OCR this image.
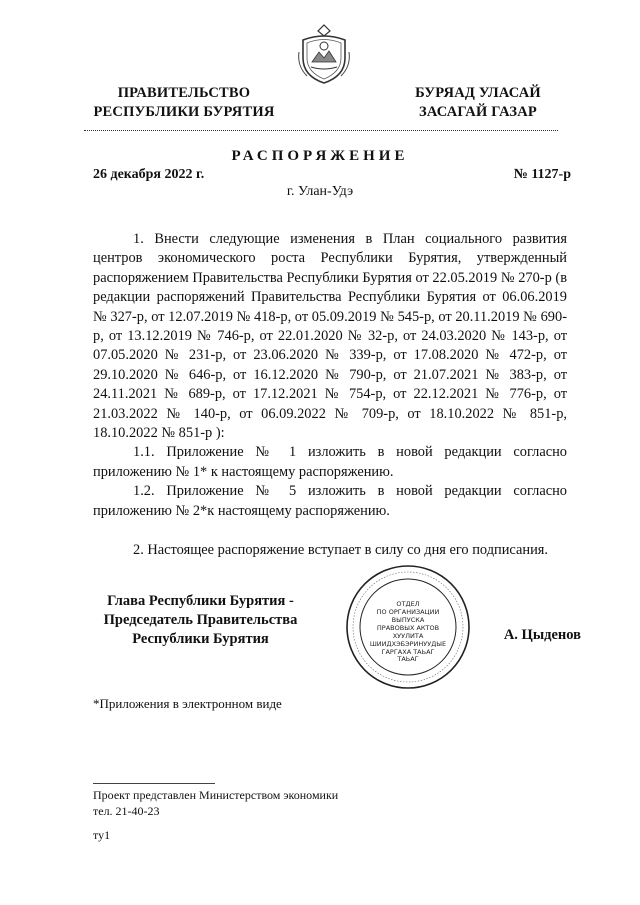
ПРАВИТЕЛЬСТВО
РЕСПУБЛИКИ БУРЯТИЯ
БУРЯАД УЛАСАЙ
ЗАСАГАЙ ГАЗАР
РАСПОРЯЖЕНИЕ
26 декабря 2022 г.	№ 1127-р
г. Улан-Удэ

1. Внести следующие изменения в План социального развития центров экономического роста Республики Бурятия, утвержденный распоряжением Правительства Республики Бурятия от 22.05.2019 № 270-р (в редакции распоряжений Правительства Республики Бурятия от 06.06.2019 № 327-р, от 12.07.2019 № 418-р, от 05.09.2019 № 545-р, от 20.11.2019 № 690-р, от 13.12.2019 № 746-р, от 22.01.2020 № 32-р, от 24.03.2020 № 143-р, от 07.05.2020 № 231-р, от 23.06.2020 № 339-р, от 17.08.2020 № 472-р, от 29.10.2020 № 646-р, от 16.12.2020 № 790-р, от 21.07.2021 № 383-р, от 24.11.2021 № 689-р, от 17.12.2021 № 754-р, от 22.12.2021 № 776-р, от 21.03.2022 № 140-р, от 06.09.2022 № 709-р, от 18.10.2022 № 851-р, 18.10.2022 № 851-р ):

1.1. Приложение № 1 изложить в новой редакции согласно приложению № 1* к настоящему распоряжению.

1.2. Приложение № 5 изложить в новой редакции согласно приложению № 2*к настоящему распоряжению.

2. Настоящее распоряжение вступает в силу со дня его подписания.

Глава Республики Бурятия -
Председатель Правительства
Республики Бурятия	А. Цыденов
ОТДЕЛ
ПО ОРГАНИЗАЦИИ
ВЫПУСКА
ПРАВОВЫХ АКТОВ
ХУУЛИТА
ШИИДХЭБЭРИНУУДЫЕ
ГАРГАХА ТАЬАГ
ТАЬАГ
*Приложения в электронном виде
Проект представлен Министерством экономики
тел. 21-40-23
ту1
